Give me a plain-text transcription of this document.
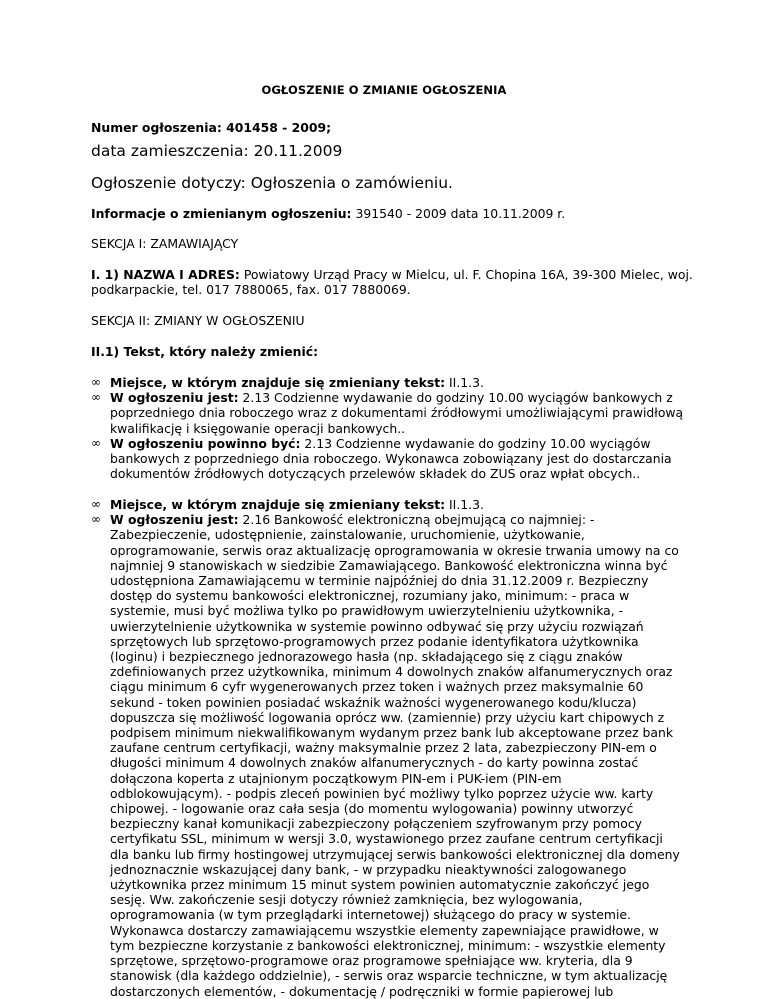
OGŁOSZENIE O ZMIANIE OGŁOSZENIA
Numer ogłoszenia: 401458 - 2009;
data zamieszczenia: 20.11.2009
Ogłoszenie dotyczy: Ogłoszenia o zamówieniu.
Informacje o zmienianym ogłoszeniu: 391540 - 2009 data 10.11.2009 r.
SEKCJA I: ZAMAWIAJĄCY
I. 1) NAZWA I ADRES: Powiatowy Urząd Pracy w Mielcu, ul. F. Chopina 16A, 39-300 Mielec, woj.
podkarpackie, tel. 017 7880065, fax. 017 7880069.
SEKCJA II: ZMIANY W OGŁOSZENIU
II.1) Tekst, który należy zmienić:
∞ Miejsce, w którym znajduje się zmieniany tekst: II.1.3.
∞ W ogłoszeniu jest: 2.13 Codzienne wydawanie do godziny 10.00 wyciągów bankowych z
poprzedniego dnia roboczego wraz z dokumentami źródłowymi umożliwiającymi prawidłową
kwalifikację i księgowanie operacji bankowych..
∞ W ogłoszeniu powinno być: 2.13 Codzienne wydawanie do godziny 10.00 wyciągów
bankowych z poprzedniego dnia roboczego. Wykonawca zobowiązany jest do dostarczania
dokumentów źródłowych dotyczących przelewów składek do ZUS oraz wpłat obcych..
∞ Miejsce, w którym znajduje się zmieniany tekst: II.1.3.
∞ W ogłoszeniu jest: 2.16 Bankowość elektroniczną obejmującą co najmniej: -
Zabezpieczenie, udostępnienie, zainstalowanie, uruchomienie, użytkowanie,
oprogramowanie, serwis oraz aktualizację oprogramowania w okresie trwania umowy na co
najmniej 9 stanowiskach w siedzibie Zamawiającego. Bankowość elektroniczna winna być
udostępniona Zamawiającemu w terminie najpóźniej do dnia 31.12.2009 r. Bezpieczny
dostęp do systemu bankowości elektronicznej, rozumiany jako, minimum: - praca w
systemie, musi być możliwa tylko po prawidłowym uwierzytelnieniu użytkownika, -
uwierzytelnienie użytkownika w systemie powinno odbywać się przy użyciu rozwiązań
sprzętowych lub sprzętowo-programowych przez podanie identyfikatora użytkownika
(loginu) i bezpiecznego jednorazowego hasła (np. składającego się z ciągu znaków
zdefiniowanych przez użytkownika, minimum 4 dowolnych znaków alfanumerycznych oraz
ciągu minimum 6 cyfr wygenerowanych przez token i ważnych przez maksymalnie 60
sekund - token powinien posiadać wskaźnik ważności wygenerowanego kodu/klucza)
dopuszcza się możliwość logowania oprócz ww. (zamiennie) przy użyciu kart chipowych z
podpisem minimum niekwalifikowanym wydanym przez bank lub akceptowane przez bank
zaufane centrum certyfikacji, ważny maksymalnie przez 2 lata, zabezpieczony PIN-em o
długości minimum 4 dowolnych znaków alfanumerycznych - do karty powinna zostać
dołączona koperta z utajnionym początkowym PIN-em i PUK-iem (PIN-em
odblokowującym). - podpis zleceń powinien być możliwy tylko poprzez użycie ww. karty
chipowej. - logowanie oraz cała sesja (do momentu wylogowania) powinny utworzyć
bezpieczny kanał komunikacji zabezpieczony połączeniem szyfrowanym przy pomocy
certyfikatu SSL, minimum w wersji 3.0, wystawionego przez zaufane centrum certyfikacji
dla banku lub firmy hostingowej utrzymującej serwis bankowości elektronicznej dla domeny
jednoznacznie wskazującej dany bank, - w przypadku nieaktywności zalogowanego
użytkownika przez minimum 15 minut system powinien automatycznie zakończyć jego
sesję. Ww. zakończenie sesji dotyczy również zamknięcia, bez wylogowania,
oprogramowania (w tym przeglądarki internetowej) służącego do pracy w systemie.
Wykonawca dostarczy zamawiającemu wszystkie elementy zapewniające prawidłowe, w
tym bezpieczne korzystanie z bankowości elektronicznej, minimum: - wszystkie elementy
sprzętowe, sprzętowo-programowe oraz programowe spełniające ww. kryteria, dla 9
stanowisk (dla każdego oddzielnie), - serwis oraz wsparcie techniczne, w tym aktualizację
dostarczonych elementów, - dokumentację / podręczniki w formie papierowej lub
